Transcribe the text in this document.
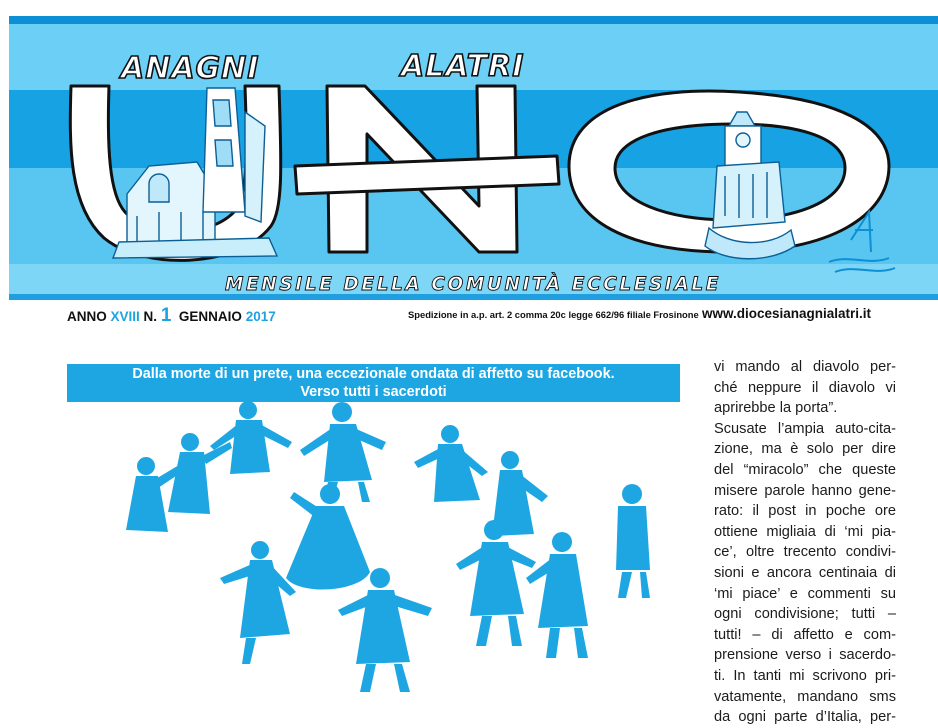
ANAGNI	ALATRI
MENSILE DELLA COMUNITÀ ECCLESIALE
ANNO XVIII N. 1 GENNAIO 2017	Spedizione in a.p. art. 2 comma 20c legge 662/96 filiale Frosinone www.diocesianagnialatri.it
Dalla morte di un prete, una eccezionale ondata di affetto su facebook.
Verso tutti i sacerdoti

vi mando al diavolo per-
ché neppure il diavolo vi
aprirebbe la porta”.
Scusate l’ampia auto-cita-
zione, ma è solo per dire
del “miracolo” che queste
misere parole hanno gene-
rato: il post in poche ore
ottiene migliaia di ‘mi pia-
ce’, oltre trecento condivi-
sioni e ancora centinaia di
‘mi piace’ e commenti su
ogni condivisione; tutti –
tutti! – di affetto e com-
prensione verso i sacerdo-
ti. In tanti mi scrivono pri-
vatamente, mandano sms
da ogni parte d’Italia, per-
